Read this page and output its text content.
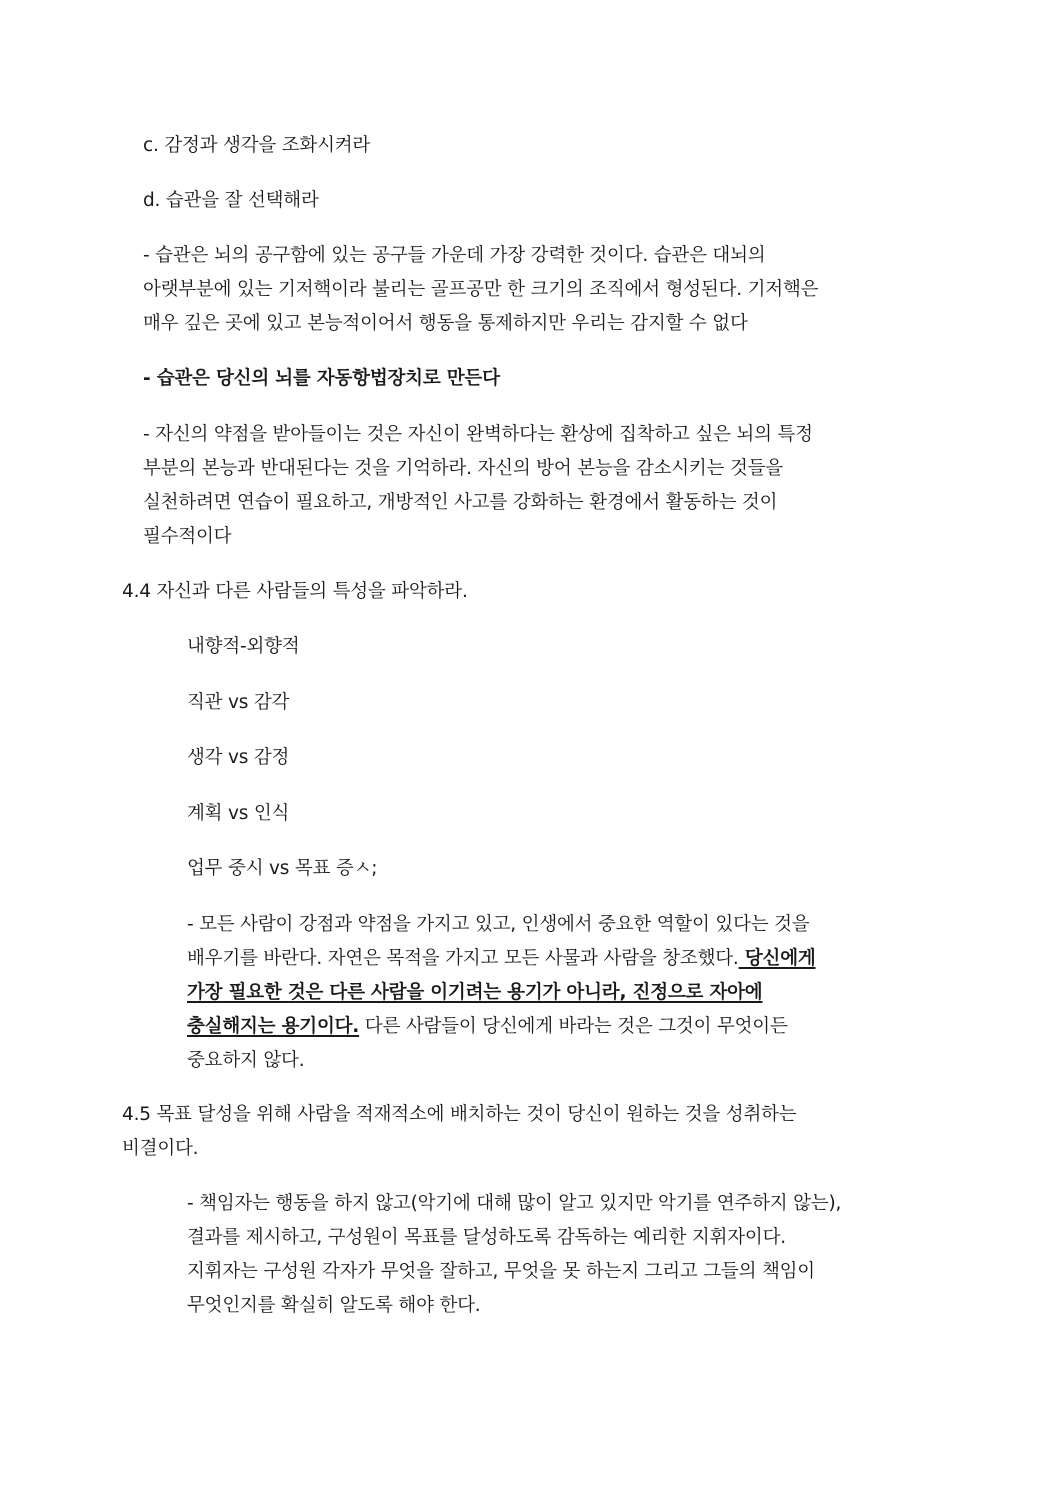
c. 감정과 생각을 조화시켜라
d. 습관을 잘 선택해라
- 습관은 뇌의 공구함에 있는 공구들 가운데 가장 강력한 것이다. 습관은 대뇌의
아랫부분에 있는 기저핵이라 불리는 골프공만 한 크기의 조직에서 형성된다. 기저핵은
매우 깊은 곳에 있고 본능적이어서 행동을 통제하지만 우리는 감지할 수 없다
- 습관은 당신의 뇌를 자동항법장치로 만든다
- 자신의 약점을 받아들이는 것은 자신이 완벽하다는 환상에 집착하고 싶은 뇌의 특정
부분의 본능과 반대된다는 것을 기억하라. 자신의 방어 본능을 감소시키는 것들을
실천하려면 연습이 필요하고, 개방적인 사고를 강화하는 환경에서 활동하는 것이
필수적이다
4.4 자신과 다른 사람들의 특성을 파악하라.
내향적-외향적
직관 vs 감각
생각 vs 감정
계획 vs 인식
업무 중시 vs 목표 증ㅅ;
- 모든 사람이 강점과 약점을 가지고 있고, 인생에서 중요한 역할이 있다는 것을
배우기를 바란다. 자연은 목적을 가지고 모든 사물과 사람을 창조했다. 당신에게
가장 필요한 것은 다른 사람을 이기려는 용기가 아니라, 진정으로 자아에
충실해지는 용기이다. 다른 사람들이 당신에게 바라는 것은 그것이 무엇이든
중요하지 않다.
4.5 목표 달성을 위해 사람을 적재적소에 배치하는 것이 당신이 원하는 것을 성취하는
비결이다.
- 책임자는 행동을 하지 않고(악기에 대해 많이 알고 있지만 악기를 연주하지 않는),
결과를 제시하고, 구성원이 목표를 달성하도록 감독하는 예리한 지휘자이다.
지휘자는 구성원 각자가 무엇을 잘하고, 무엇을 못 하는지 그리고 그들의 책임이
무엇인지를 확실히 알도록 해야 한다.
